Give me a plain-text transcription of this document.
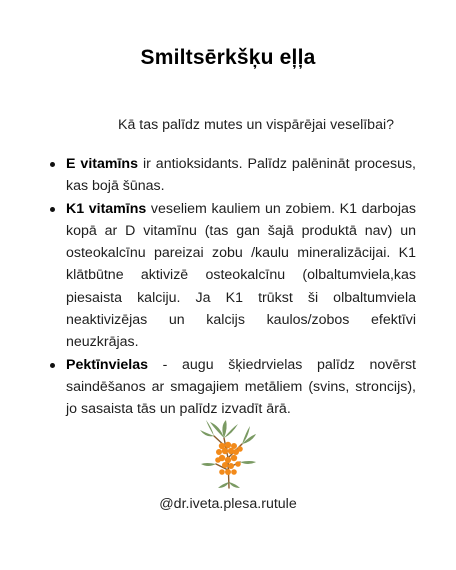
Smiltsērkšķu eļļa
Kā tas palīdz mutes un vispārējai veselībai?
E vitamīns ir antioksidants. Palīdz palēnināt procesus, kas bojā šūnas.
K1 vitamīns veseliem kauliem un zobiem. K1 darbojas kopā ar D vitamīnu (tas gan šajā produktā nav) un osteokalcīnu pareizai zobu /kaulu mineralizācijai. K1 klātbūtne aktivizē osteokalcīnu (olbaltumviela,kas piesaista kalciju. Ja K1 trūkst ši olbaltumviela neaktivizējas un kalcijs kaulos/zobos efektīvi neuzkrājas.
Pektīnvielas - augu šķiedrvielas palīdz novērst saindēšanos ar smagajiem metāliem (svins, stroncijs), jo sasaista tās un palīdz izvadīt ārā.
@dr.iveta.plesa.rutule
